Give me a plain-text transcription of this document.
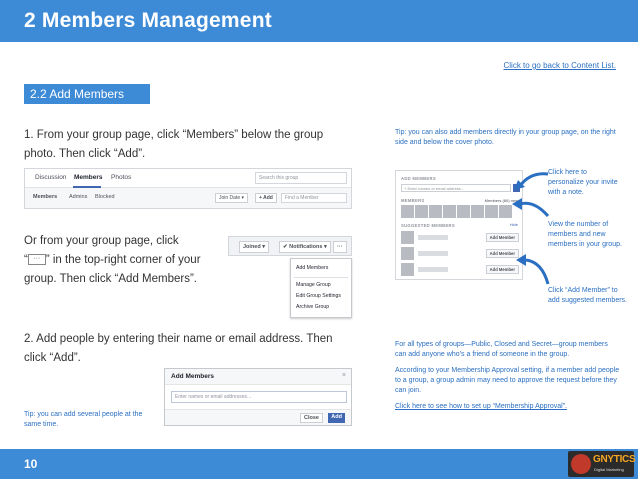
2 Members Management
Click to go back to Content List.
2.2 Add Members
1. From your group page, click “Members” below the group photo. Then click “Add”.
Discussion Members Photos	Search this group
Members Admins Blocked	Join Date ▾	+ Add	Find a Member
Or from your group page, click
“ ··· ” in the top-right corner of your
group. Then click “Add Members”.
Joined ▾	✔ Notifications ▾	···
Add Members
Manage Group
Edit Group Settings
Archive Group
2. Add people by entering their name or email address. Then click “Add”.
Add Members	×
Enter names or email addresses...
Close	Add
Tip: you can add several people at the same time.
Tip: you can also add members directly in your group page, on the right side and below the cover photo.
ADD MEMBERS
+ Enter names or email address...
MEMBERS	Members (80) new
SUGGESTED MEMBERS	Hide
Add Member
Add Member
Add Member
Click here to personalize your invite with a note.
View the number of members and new members in your group.
Click “Add Member” to add suggested members.
For all types of groups—Public, Closed and Secret—group members can add anyone who’s a friend of someone in the group.
According to your Membership Approval setting, if a member add people to a group, a group admin may need to approve the request before they can join.
Click here to see how to set up “Membership Approval”.
10	GNYTICS
Digital Marketing
